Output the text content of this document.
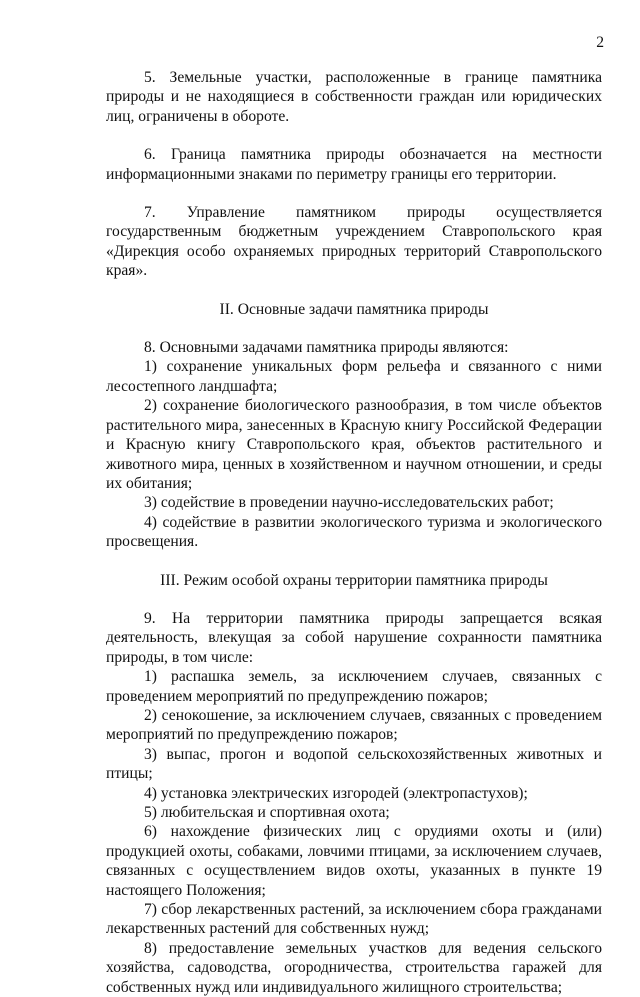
2

5. Земельные участки, расположенные в границе памятника природы и не находящиеся в собственности граждан или юридических лиц, ограничены в обороте.

6. Граница памятника природы обозначается на местности информационными знаками по периметру границы его территории.

7. Управление памятником природы осуществляется государственным бюджетным учреждением Ставропольского края «Дирекция особо охраняемых природных территорий Ставропольского края».

II. Основные задачи памятника природы

8. Основными задачами памятника природы являются:

1) сохранение уникальных форм рельефа и связанного с ними лесостепного ландшафта;

2) сохранение биологического разнообразия, в том числе объектов растительного мира, занесенных в Красную книгу Российской Федерации и Красную книгу Ставропольского края, объектов растительного и животного мира, ценных в хозяйственном и научном отношении, и среды их обитания;

3) содействие в проведении научно-исследовательских работ;

4) содействие в развитии экологического туризма и экологического просвещения.

III. Режим особой охраны территории памятника природы

9. На территории памятника природы запрещается всякая деятельность, влекущая за собой нарушение сохранности памятника природы, в том числе:

1) распашка земель, за исключением случаев, связанных с проведением мероприятий по предупреждению пожаров;

2) сенокошение, за исключением случаев, связанных с проведением мероприятий по предупреждению пожаров;

3) выпас, прогон и водопой сельскохозяйственных животных и птицы;

4) установка электрических изгородей (электропастухов);

5) любительская и спортивная охота;

6) нахождение физических лиц с орудиями охоты и (или) продукцией охоты, собаками, ловчими птицами, за исключением случаев, связанных с осуществлением видов охоты, указанных в пункте 19 настоящего Положения;

7) сбор лекарственных растений, за исключением сбора гражданами лекарственных растений для собственных нужд;

8) предоставление земельных участков для ведения сельского хозяйства, садоводства, огородничества, строительства гаражей для собственных нужд или индивидуального жилищного строительства;
